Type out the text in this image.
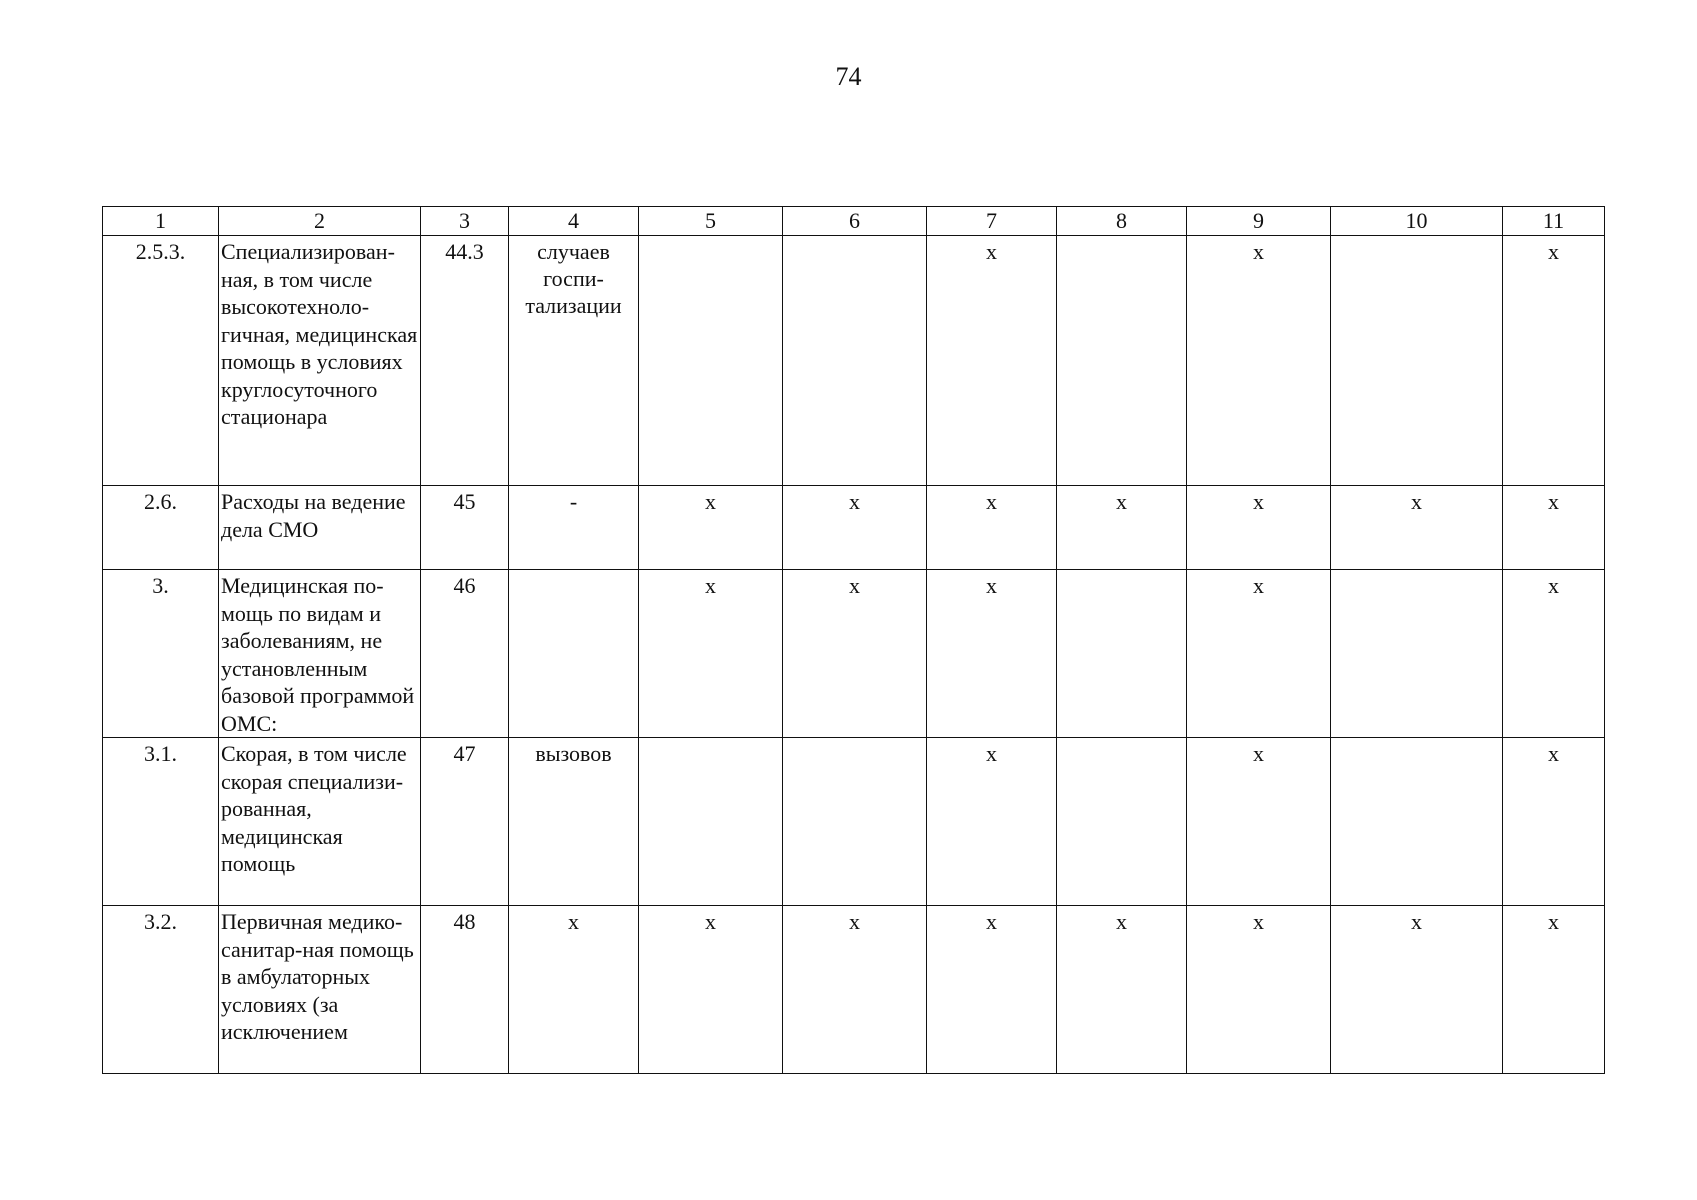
74
1	2	3	4	5	6	7	8	9	10	11
2.5.3.	Специализирован-ная, в том числе высокотехноло-гичная, медицинская помощь в условиях круглосуточного стационара	44.3	случаев госпи-тализации			х		х		х
2.6.	Расходы на ведение дела СМО	45	-	х	х	х	х	х	х	х
3.	Медицинская по-мощь по видам и заболеваниям, не установленным базовой программой ОМС:	46		х	х	х		х		х
3.1.	Скорая, в том числе скорая специализи-рованная, медицинская помощь	47	вызовов			х		х		х
3.2.	Первичная медико-санитар-ная помощь в амбулаторных условиях (за исключением	48	х	х	х	х	х	х	х	х
